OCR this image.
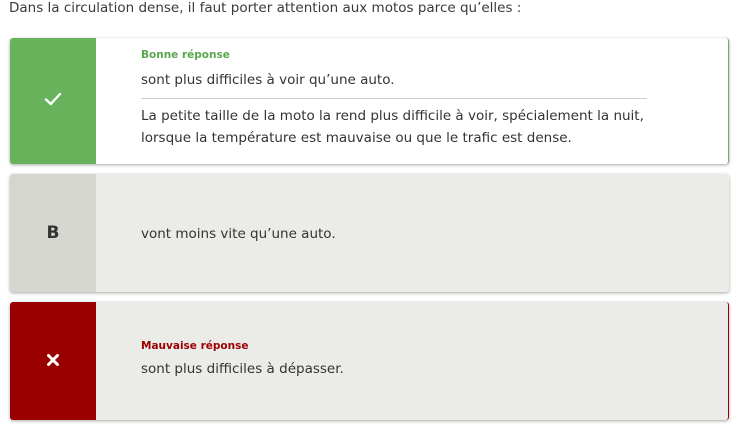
Dans la circulation dense, il faut porter attention aux motos parce qu’elles :
Bonne réponse
sont plus difficiles à voir qu’une auto.
La petite taille de la moto la rend plus difficile à voir, spécialement la nuit, lorsque la température est mauvaise ou que le trafic est dense.
B	vont moins vite qu’une auto.
Mauvaise réponse
sont plus difficiles à dépasser.
